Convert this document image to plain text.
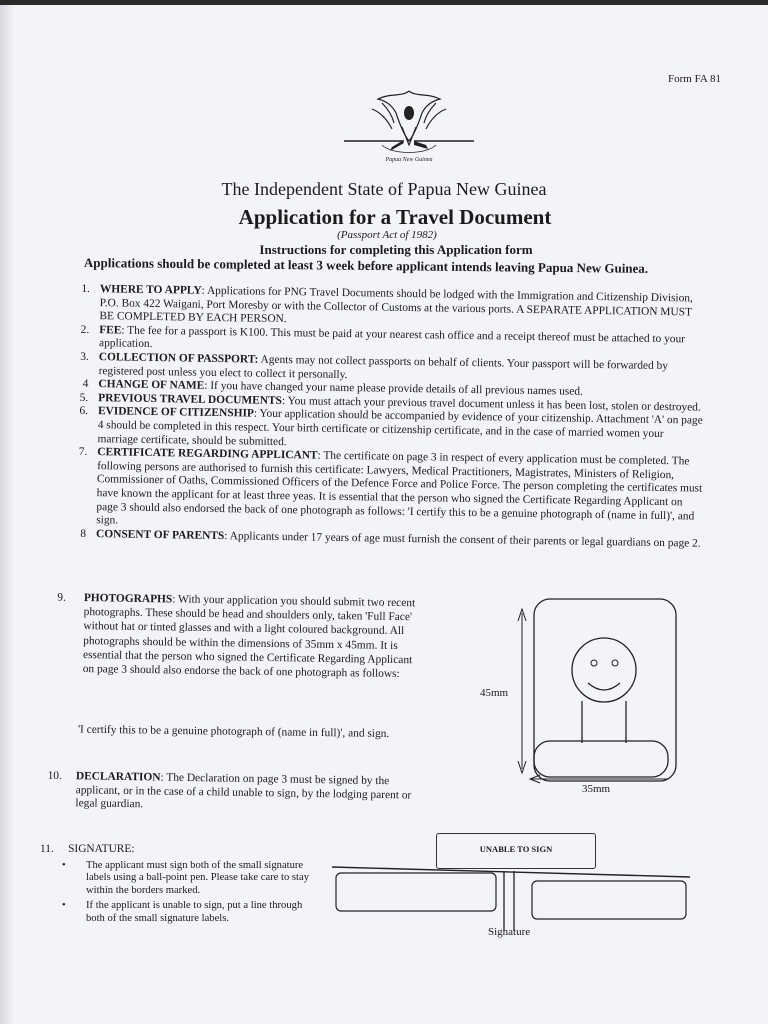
Form FA 81
Papua New Guinea
The Independent State of Papua New Guinea
Application for a Travel Document
(Passport Act of 1982)
Instructions for completing this Application form
Applications should be completed at least 3 week before applicant intends leaving Papua New Guinea.
1. WHERE TO APPLY: Applications for PNG Travel Documents should be lodged with the Immigration and Citizenship Division, P.O. Box 422 Waigani, Port Moresby or with the Collector of Customs at the various ports. A SEPARATE APPLICATION MUST BE COMPLETED BY EACH PERSON.
2. FEE: The fee for a passport is K100. This must be paid at your nearest cash office and a receipt thereof must be attached to your application.
3. COLLECTION OF PASSPORT: Agents may not collect passports on behalf of clients. Your passport will be forwarded by registered post unless you elect to collect it personally.
4 CHANGE OF NAME: If you have changed your name please provide details of all previous names used.
5. PREVIOUS TRAVEL DOCUMENTS: You must attach your previous travel document unless it has been lost, stolen or destroyed.
6. EVIDENCE OF CITIZENSHIP: Your application should be accompanied by evidence of your citizenship. Attachment 'A' on page 4 should be completed in this respect. Your birth certificate or citizenship certificate, and in the case of married women your marriage certificate, should be submitted.
7. CERTIFICATE REGARDING APPLICANT: The certificate on page 3 in respect of every application must be completed. The following persons are authorised to furnish this certificate: Lawyers, Medical Practitioners, Magistrates, Ministers of Religion, Commissioner of Oaths, Commissioned Officers of the Defence Force and Police Force. The person completing the certificates must have known the applicant for at least three yeas. It is essential that the person who signed the Certificate Regarding Applicant on page 3 should also endorsed the back of one photograph as follows: 'I certify this to be a genuine photograph of (name in full)', and sign.
8 CONSENT OF PARENTS: Applicants under 17 years of age must furnish the consent of their parents or legal guardians on page 2.
9. PHOTOGRAPHS: With your application you should submit two recent photographs. These should be head and shoulders only, taken 'Full Face' without hat or tinted glasses and with a light coloured background. All photographs should be within the dimensions of 35mm x 45mm. It is essential that the person who signed the Certificate Regarding Applicant on page 3 should also endorse the back of one photograph as follows:
'I certify this to be a genuine photograph of (name in full)', and sign.
45mm
35mm
10. DECLARATION: The Declaration on page 3 must be signed by the applicant, or in the case of a child unable to sign, by the lodging parent or legal guardian.
11. SIGNATURE:
• The applicant must sign both of the small signature labels using a ball-point pen. Please take care to stay within the borders marked.
• If the applicant is unable to sign, put a line through both of the small signature labels.
UNABLE TO SIGN
Signature
